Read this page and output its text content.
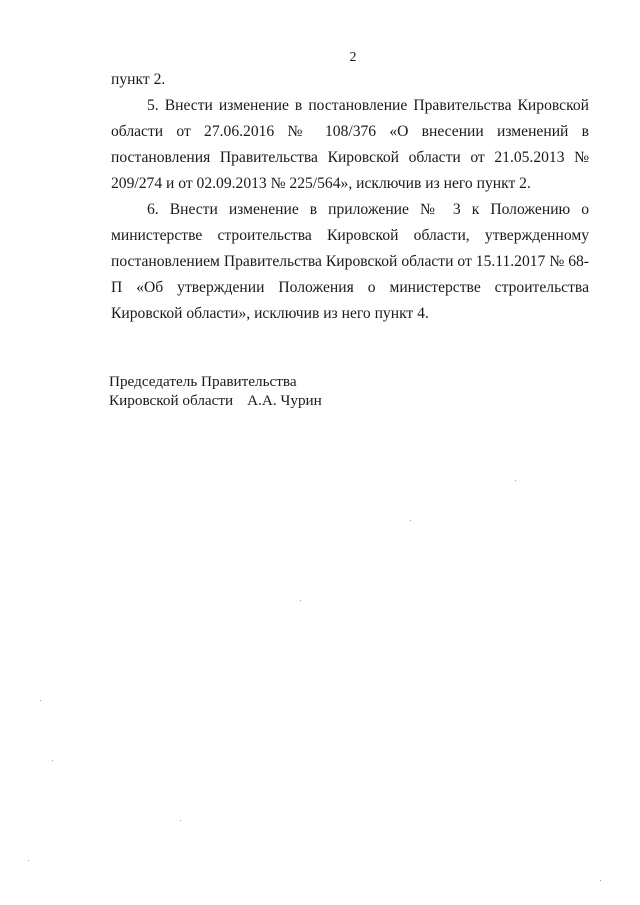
2

пункт 2.

5. Внести изменение в постановление Правительства Кировской области от 27.06.2016 № 108/376 «О внесении изменений в постановления Правительства Кировской области от 21.05.2013 № 209/274 и от 02.09.2013 № 225/564», исключив из него пункт 2.

6. Внести изменение в приложение № 3 к Положению о министерстве строительства Кировской области, утвержденному постановлением Правительства Кировской области от 15.11.2017 № 68-П «Об утверждении Положения о министерстве строительства Кировской области», исключив из него пункт 4.

Председатель Правительства
Кировской области А.А. Чурин
